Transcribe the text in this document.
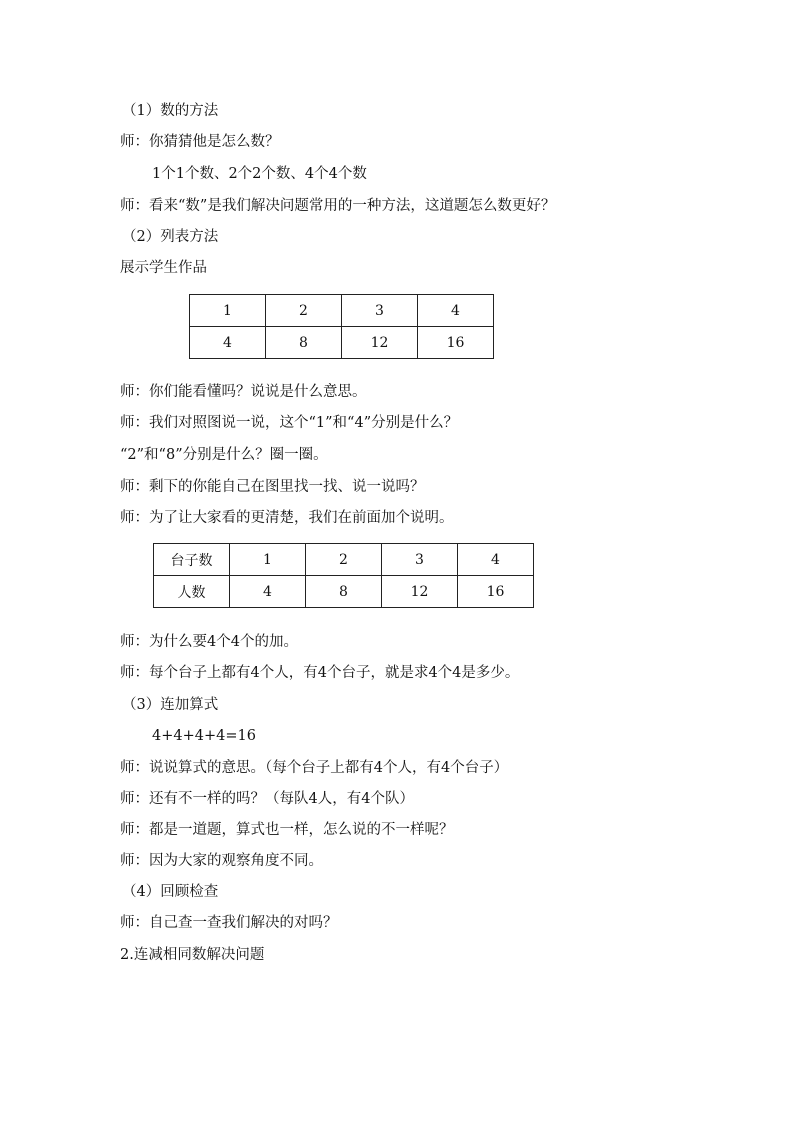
（1）数的方法
师：你猜猜他是怎么数？
1个1个数、2个2个数、4个4个数
师：看来“数”是我们解决问题常用的一种方法，这道题怎么数更好？
（2）列表方法
展示学生作品
1	2	3	4
4	8	12	16
师：你们能看懂吗？说说是什么意思。
师：我们对照图说一说，这个“1”和“4”分别是什么？
“2”和“8”分别是什么？圈一圈。
师：剩下的你能自己在图里找一找、说一说吗？
师：为了让大家看的更清楚，我们在前面加个说明。
台子数	1	2	3	4
人数	4	8	12	16
师：为什么要4个4个的加。
师：每个台子上都有4个人，有4个台子，就是求4个4是多少。
（3）连加算式
4+4+4+4=16
师：说说算式的意思。（每个台子上都有4个人，有4个台子）
师：还有不一样的吗？（每队4人，有4个队）
师：都是一道题，算式也一样，怎么说的不一样呢？
师：因为大家的观察角度不同。
（4）回顾检查
师：自己查一查我们解决的对吗？
2.连减相同数解决问题
